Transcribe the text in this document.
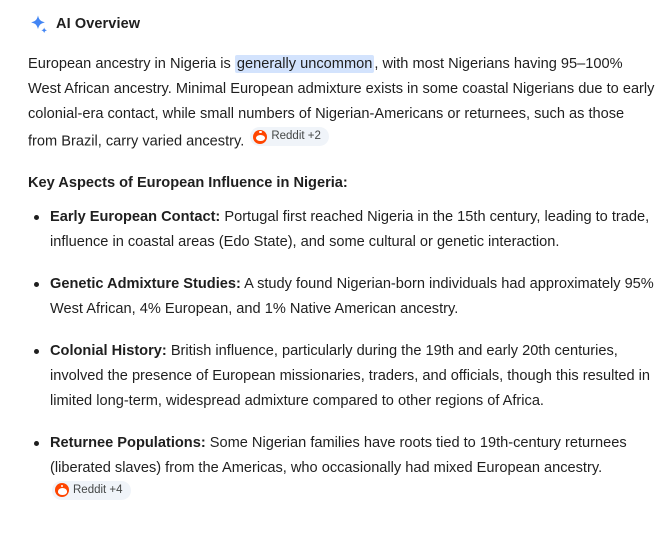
AI Overview

European ancestry in Nigeria is generally uncommon , with most Nigerians having 95–100% West African ancestry. Minimal European admixture exists in some coastal Nigerians due to early colonial-era contact, while small numbers of Nigerian-Americans or returnees, such as those from Brazil, carry varied ancestry. Reddit +2

Key Aspects of European Influence in Nigeria:

Early European Contact: Portugal first reached Nigeria in the 15th century, leading to trade, influence in coastal areas (Edo State), and some cultural or genetic interaction.
Genetic Admixture Studies: A study found Nigerian-born individuals had approximately 95% West African, 4% European, and 1% Native American ancestry.
Colonial History: British influence, particularly during the 19th and early 20th centuries, involved the presence of European missionaries, traders, and officials, though this resulted in limited long-term, widespread admixture compared to other regions of Africa.
Returnee Populations: Some Nigerian families have roots tied to 19th-century returnees (liberated slaves) from the Americas, who occasionally had mixed European ancestry.
Reddit +4
